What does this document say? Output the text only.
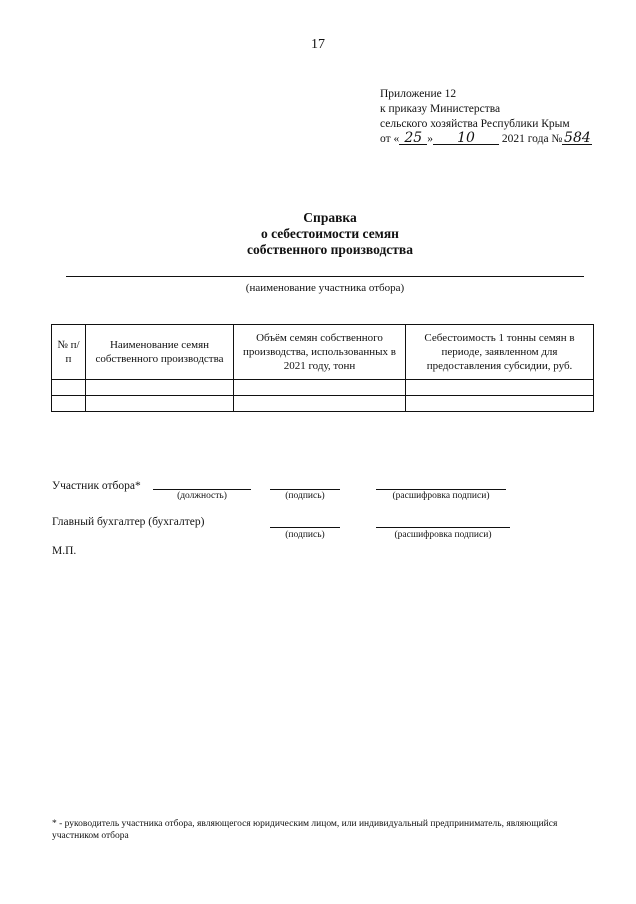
17
Приложение 12
к приказу Министерства
сельского хозяйства Республики Крым
от « 25 » 10 2021 года № 584
Справка
о себестоимости семян
собственного производства
(наименование участника отбора)
№ п/п	Наименование семян собственного производства	Объём семян собственного производства, использованных в 2021 году, тонн	Себестоимость 1 тонны семян в периоде, заявленном для предоставления субсидии, руб.

Участник отбора*
(должность)	(подпись)	(расшифровка подписи)
Главный бухгалтер (бухгалтер)
(подпись)	(расшифровка подписи)
М.П.
* - руководитель участника отбора, являющегося юридическим лицом, или индивидуальный предприниматель, являющийся участником отбора
